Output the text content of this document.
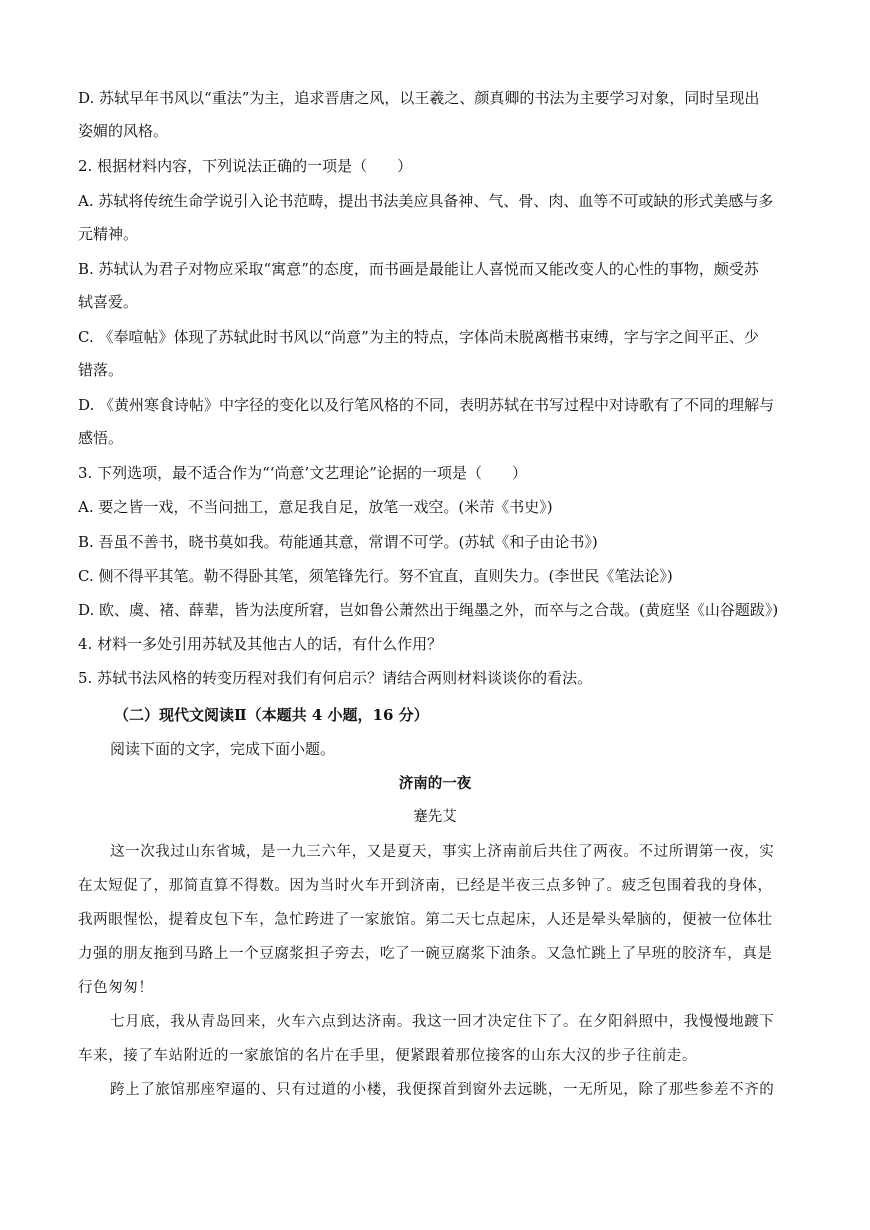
D. 苏轼早年书风以“重法”为主，追求晋唐之风，以王羲之、颜真卿的书法为主要学习对象，同时呈现出

姿媚的风格。

2. 根据材料内容，下列说法正确的一项是（　　）

A. 苏轼将传统生命学说引入论书范畴，提出书法美应具备神、气、骨、肉、血等不可或缺的形式美感与多

元精神。

B. 苏轼认为君子对物应采取“寓意”的态度，而书画是最能让人喜悦而又能改变人的心性的事物，颇受苏

轼喜爱。

C. 《奉喧帖》体现了苏轼此时书风以“尚意”为主的特点，字体尚未脱离楷书束缚，字与字之间平正、少

错落。

D. 《黄州寒食诗帖》中字径的变化以及行笔风格的不同，表明苏轼在书写过程中对诗歌有了不同的理解与

感悟。

3. 下列选项，最不适合作为“‘尚意’文艺理论”论据的一项是（　　）

A. 要之皆一戏，不当问拙工，意足我自足，放笔一戏空。(米芾《书史》)

B. 吾虽不善书，晓书莫如我。苟能通其意，常谓不可学。(苏轼《和子由论书》)

C. 侧不得平其笔。勒不得卧其笔，须笔锋先行。努不宜直，直则失力。(李世民《笔法论》)

D. 欧、虞、褚、薛辈，皆为法度所窘，岂如鲁公萧然出于绳墨之外，而卒与之合哉。(黄庭坚《山谷题跋》)

4. 材料一多处引用苏轼及其他古人的话，有什么作用？

5. 苏轼书法风格的转变历程对我们有何启示？请结合两则材料谈谈你的看法。

（二）现代文阅读Ⅱ（本题共 4 小题，16 分）

阅读下面的文字，完成下面小题。

济南的一夜

蹇先艾

这一次我过山东省城，是一九三六年，又是夏天，事实上济南前后共住了两夜。不过所谓第一夜，实

在太短促了，那简直算不得数。因为当时火车开到济南，已经是半夜三点多钟了。疲乏包围着我的身体，

我两眼惺忪，提着皮包下车，急忙跨进了一家旅馆。第二天七点起床，人还是晕头晕脑的，便被一位体壮

力强的朋友拖到马路上一个豆腐浆担子旁去，吃了一碗豆腐浆下油条。又急忙跳上了早班的胶济车，真是

行色匆匆！

七月底，我从青岛回来，火车六点到达济南。我这一回才决定住下了。在夕阳斜照中，我慢慢地踱下

车来，接了车站附近的一家旅馆的名片在手里，便紧跟着那位接客的山东大汉的步子往前走。

跨上了旅馆那座窄逼的、只有过道的小楼，我便探首到窗外去远眺，一无所见，除了那些参差不齐的
